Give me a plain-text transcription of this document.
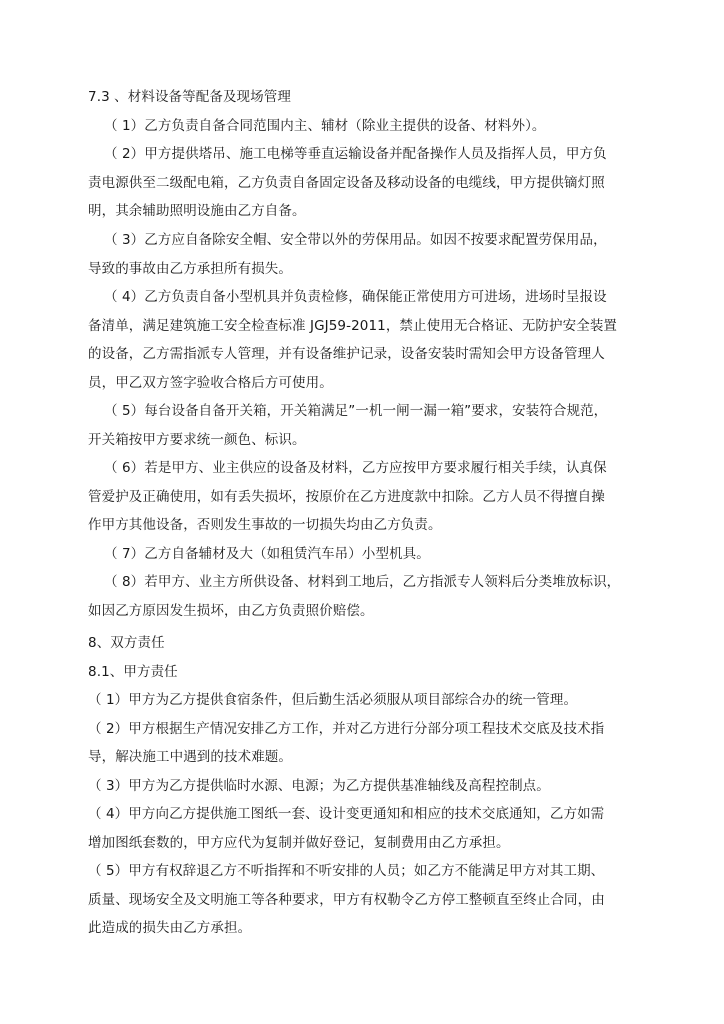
7.3 、材料设备等配备及现场管理
（ 1）乙方负责自备合同范围内主、辅材（除业主提供的设备、材料外）。
（ 2）甲方提供塔吊、施工电梯等垂直运输设备并配备操作人员及指挥人员，甲方负
责电源供至二级配电箱，乙方负责自备固定设备及移动设备的电缆线，甲方提供镝灯照
明，其余辅助照明设施由乙方自备。
（ 3）乙方应自备除安全帽、安全带以外的劳保用品。如因不按要求配置劳保用品，
导致的事故由乙方承担所有损失。
（ 4）乙方负责自备小型机具并负责检修，确保能正常使用方可进场，进场时呈报设
备清单，满足建筑施工安全检查标准 JGJ59-2011，禁止使用无合格证、无防护安全装置
的设备，乙方需指派专人管理，并有设备维护记录，设备安装时需知会甲方设备管理人
员，甲乙双方签字验收合格后方可使用。
（ 5）每台设备自备开关箱，开关箱满足”一机一闸一漏一箱”要求，安装符合规范，
开关箱按甲方要求统一颜色、标识。
（ 6）若是甲方、业主供应的设备及材料，乙方应按甲方要求履行相关手续，认真保
管爱护及正确使用，如有丢失损坏，按原价在乙方进度款中扣除。乙方人员不得擅自操
作甲方其他设备，否则发生事故的一切损失均由乙方负责。
（ 7）乙方自备辅材及大（如租赁汽车吊）小型机具。
（ 8）若甲方、业主方所供设备、材料到工地后，乙方指派专人领料后分类堆放标识，
如因乙方原因发生损坏，由乙方负责照价赔偿。
8、双方责任
8.1、甲方责任
（ 1）甲方为乙方提供食宿条件，但后勤生活必须服从项目部综合办的统一管理。
（ 2）甲方根据生产情况安排乙方工作，并对乙方进行分部分项工程技术交底及技术指
导，解决施工中遇到的技术难题。
（ 3）甲方为乙方提供临时水源、电源；为乙方提供基准轴线及高程控制点。
（ 4）甲方向乙方提供施工图纸一套、设计变更通知和相应的技术交底通知，乙方如需
增加图纸套数的，甲方应代为复制并做好登记，复制费用由乙方承担。
（ 5）甲方有权辞退乙方不听指挥和不听安排的人员；如乙方不能满足甲方对其工期、
质量、现场安全及文明施工等各种要求，甲方有权勒令乙方停工整顿直至终止合同，由
此造成的损失由乙方承担。
